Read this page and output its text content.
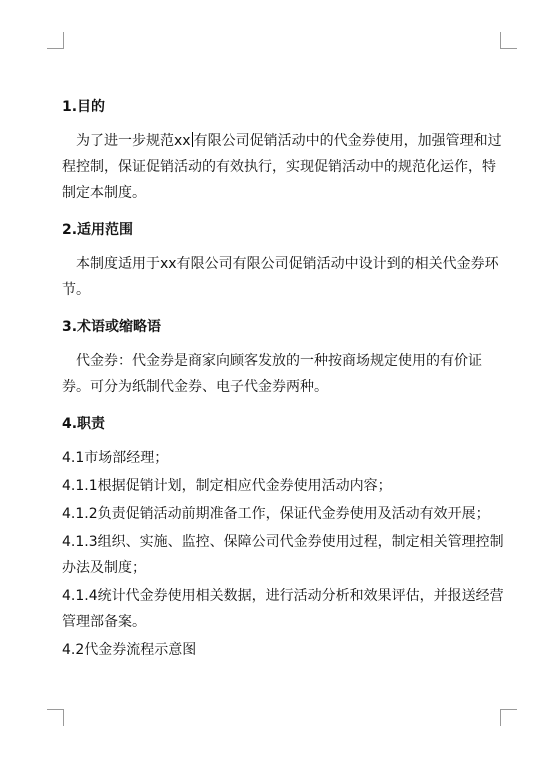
1.目的

为了进一步规范xx 有限公司促销活动中的代金券使用，加强管理和过程控制，保证促销活动的有效执行，实现促销活动中的规范化运作，特制定本制度。

2.适用范围

本制度适用于xx有限公司有限公司促销活动中设计到的相关代金券环节。

3.术语或缩略语

代金券：代金券是商家向顾客发放的一种按商场规定使用的有价证券。可分为纸制代金券、电子代金券两种。

4.职责

4.1市场部经理；

4.1.1根据促销计划，制定相应代金券使用活动内容；

4.1.2负责促销活动前期准备工作，保证代金券使用及活动有效开展；

4.1.3组织、实施、监控、保障公司代金券使用过程，制定相关管理控制办法及制度；

4.1.4统计代金券使用相关数据，进行活动分析和效果评估，并报送经营管理部备案。

4.2代金券流程示意图
